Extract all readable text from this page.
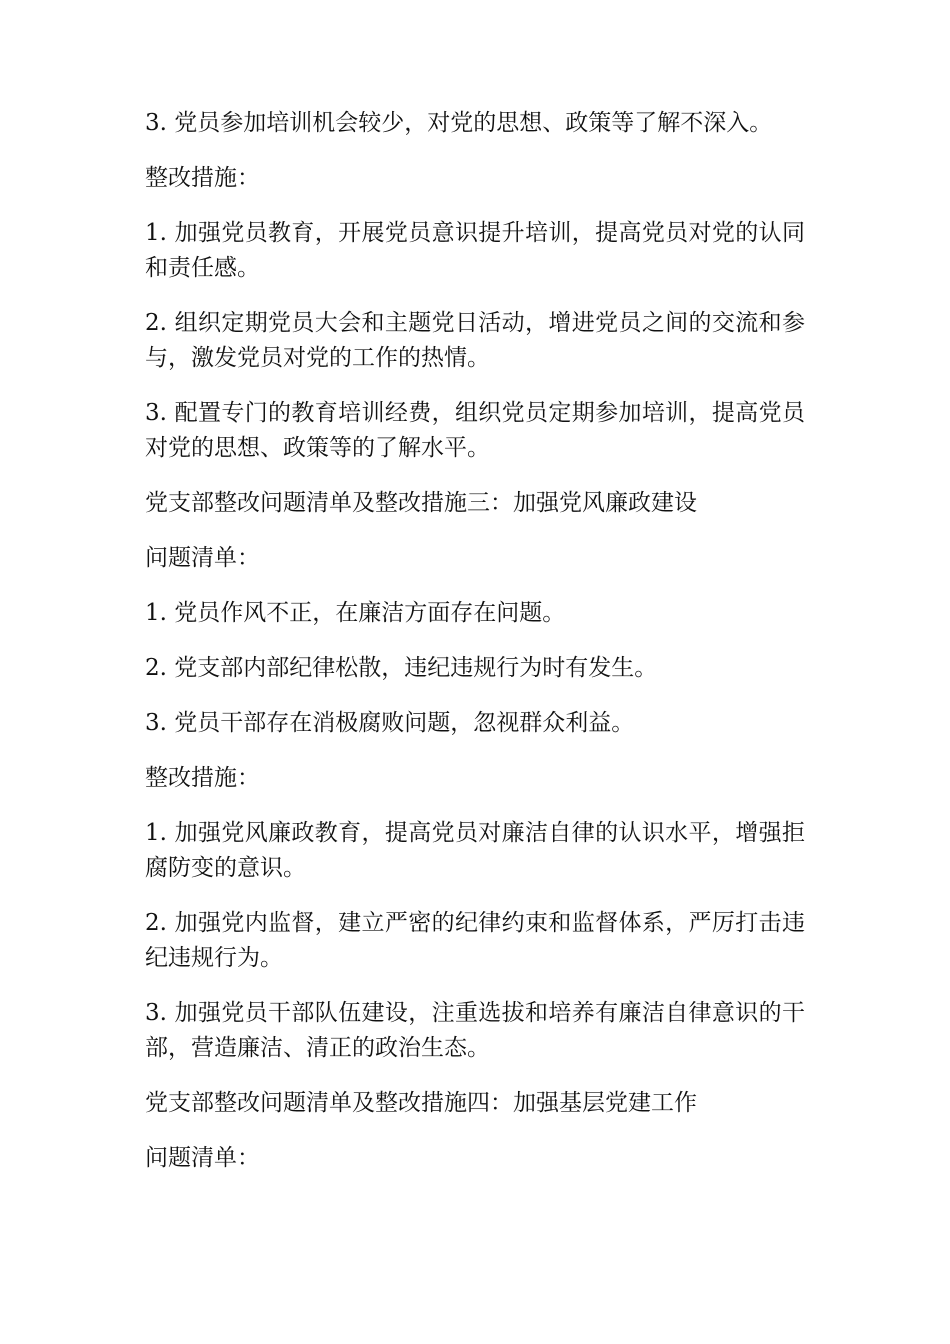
3. 党员参加培训机会较少，对党的思想、政策等了解不深入。

整改措施：

1. 加强党员教育，开展党员意识提升培训，提高党员对党的认同和责任感。

2. 组织定期党员大会和主题党日活动，增进党员之间的交流和参与，激发党员对党的工作的热情。

3. 配置专门的教育培训经费，组织党员定期参加培训，提高党员对党的思想、政策等的了解水平。

党支部整改问题清单及整改措施三：加强党风廉政建设

问题清单：

1. 党员作风不正，在廉洁方面存在问题。

2. 党支部内部纪律松散，违纪违规行为时有发生。

3. 党员干部存在消极腐败问题，忽视群众利益。

整改措施：

1. 加强党风廉政教育，提高党员对廉洁自律的认识水平，增强拒腐防变的意识。

2. 加强党内监督，建立严密的纪律约束和监督体系，严厉打击违纪违规行为。

3. 加强党员干部队伍建设，注重选拔和培养有廉洁自律意识的干部，营造廉洁、清正的政治生态。

党支部整改问题清单及整改措施四：加强基层党建工作

问题清单：
